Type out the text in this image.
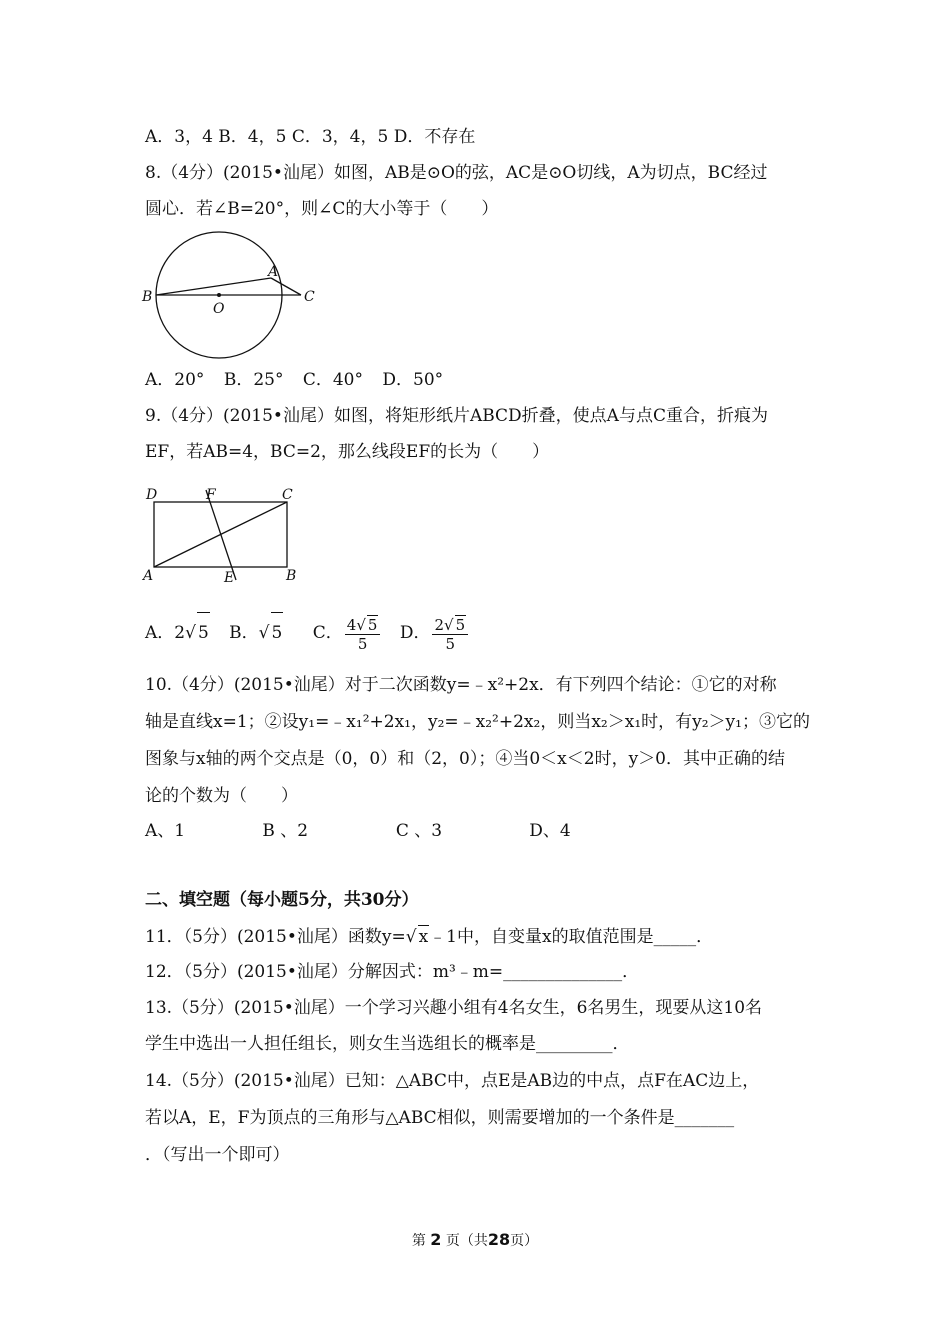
A．3，4 B．4，5 C．3，4，5 D．不存在
8.（4分）(2015•汕尾）如图，AB是⊙O的弦，AC是⊙O切线，A为切点，BC经过
圆心．若∠B=20°，则∠C的大小等于（　　）
A
B	C
O
A．20° B．25° C．40° D．50°
9.（4分）(2015•汕尾）如图，将矩形纸片ABCD折叠，使点A与点C重合，折痕为
EF，若AB=4，BC=2，那么线段EF的长为（　　）
D	F	C
A	E	B
A．2√ 5 B．√ 5 C． $\frac{4√ 5}{5}$ D． $\frac{2√ 5}{5}$
10.（4分）(2015•汕尾）对于二次函数y=﹣x²+2x．有下列四个结论：①它的对称
轴是直线x=1；②设y₁=﹣x₁²+2x₁，y₂=﹣x₂²+2x₂，则当x₂＞x₁时，有y₂＞y₁；③它的
图象与x轴的两个交点是（0，0）和（2，0）；④当0＜x＜2时，y＞0．其中正确的结
论的个数为（　　）
A、1	B 、2	C 、3	D、4
二、填空题（每小题5分，共30分）
11．（5分）(2015•汕尾）函数y=√ x﹣1中，自变量x的取值范围是_____．
12．（5分）(2015•汕尾）分解因式：m³﹣m=______________．
13.（5分）(2015•汕尾）一个学习兴趣小组有4名女生，6名男生，现要从这10名
学生中选出一人担任组长，则女生当选组长的概率是_________．
14.（5分）(2015•汕尾）已知：△ABC中，点E是AB边的中点，点F在AC边上，
若以A，E，F为顶点的三角形与△ABC相似，则需要增加的一个条件是_______
．（写出一个即可）
第 2 页（共28页）
